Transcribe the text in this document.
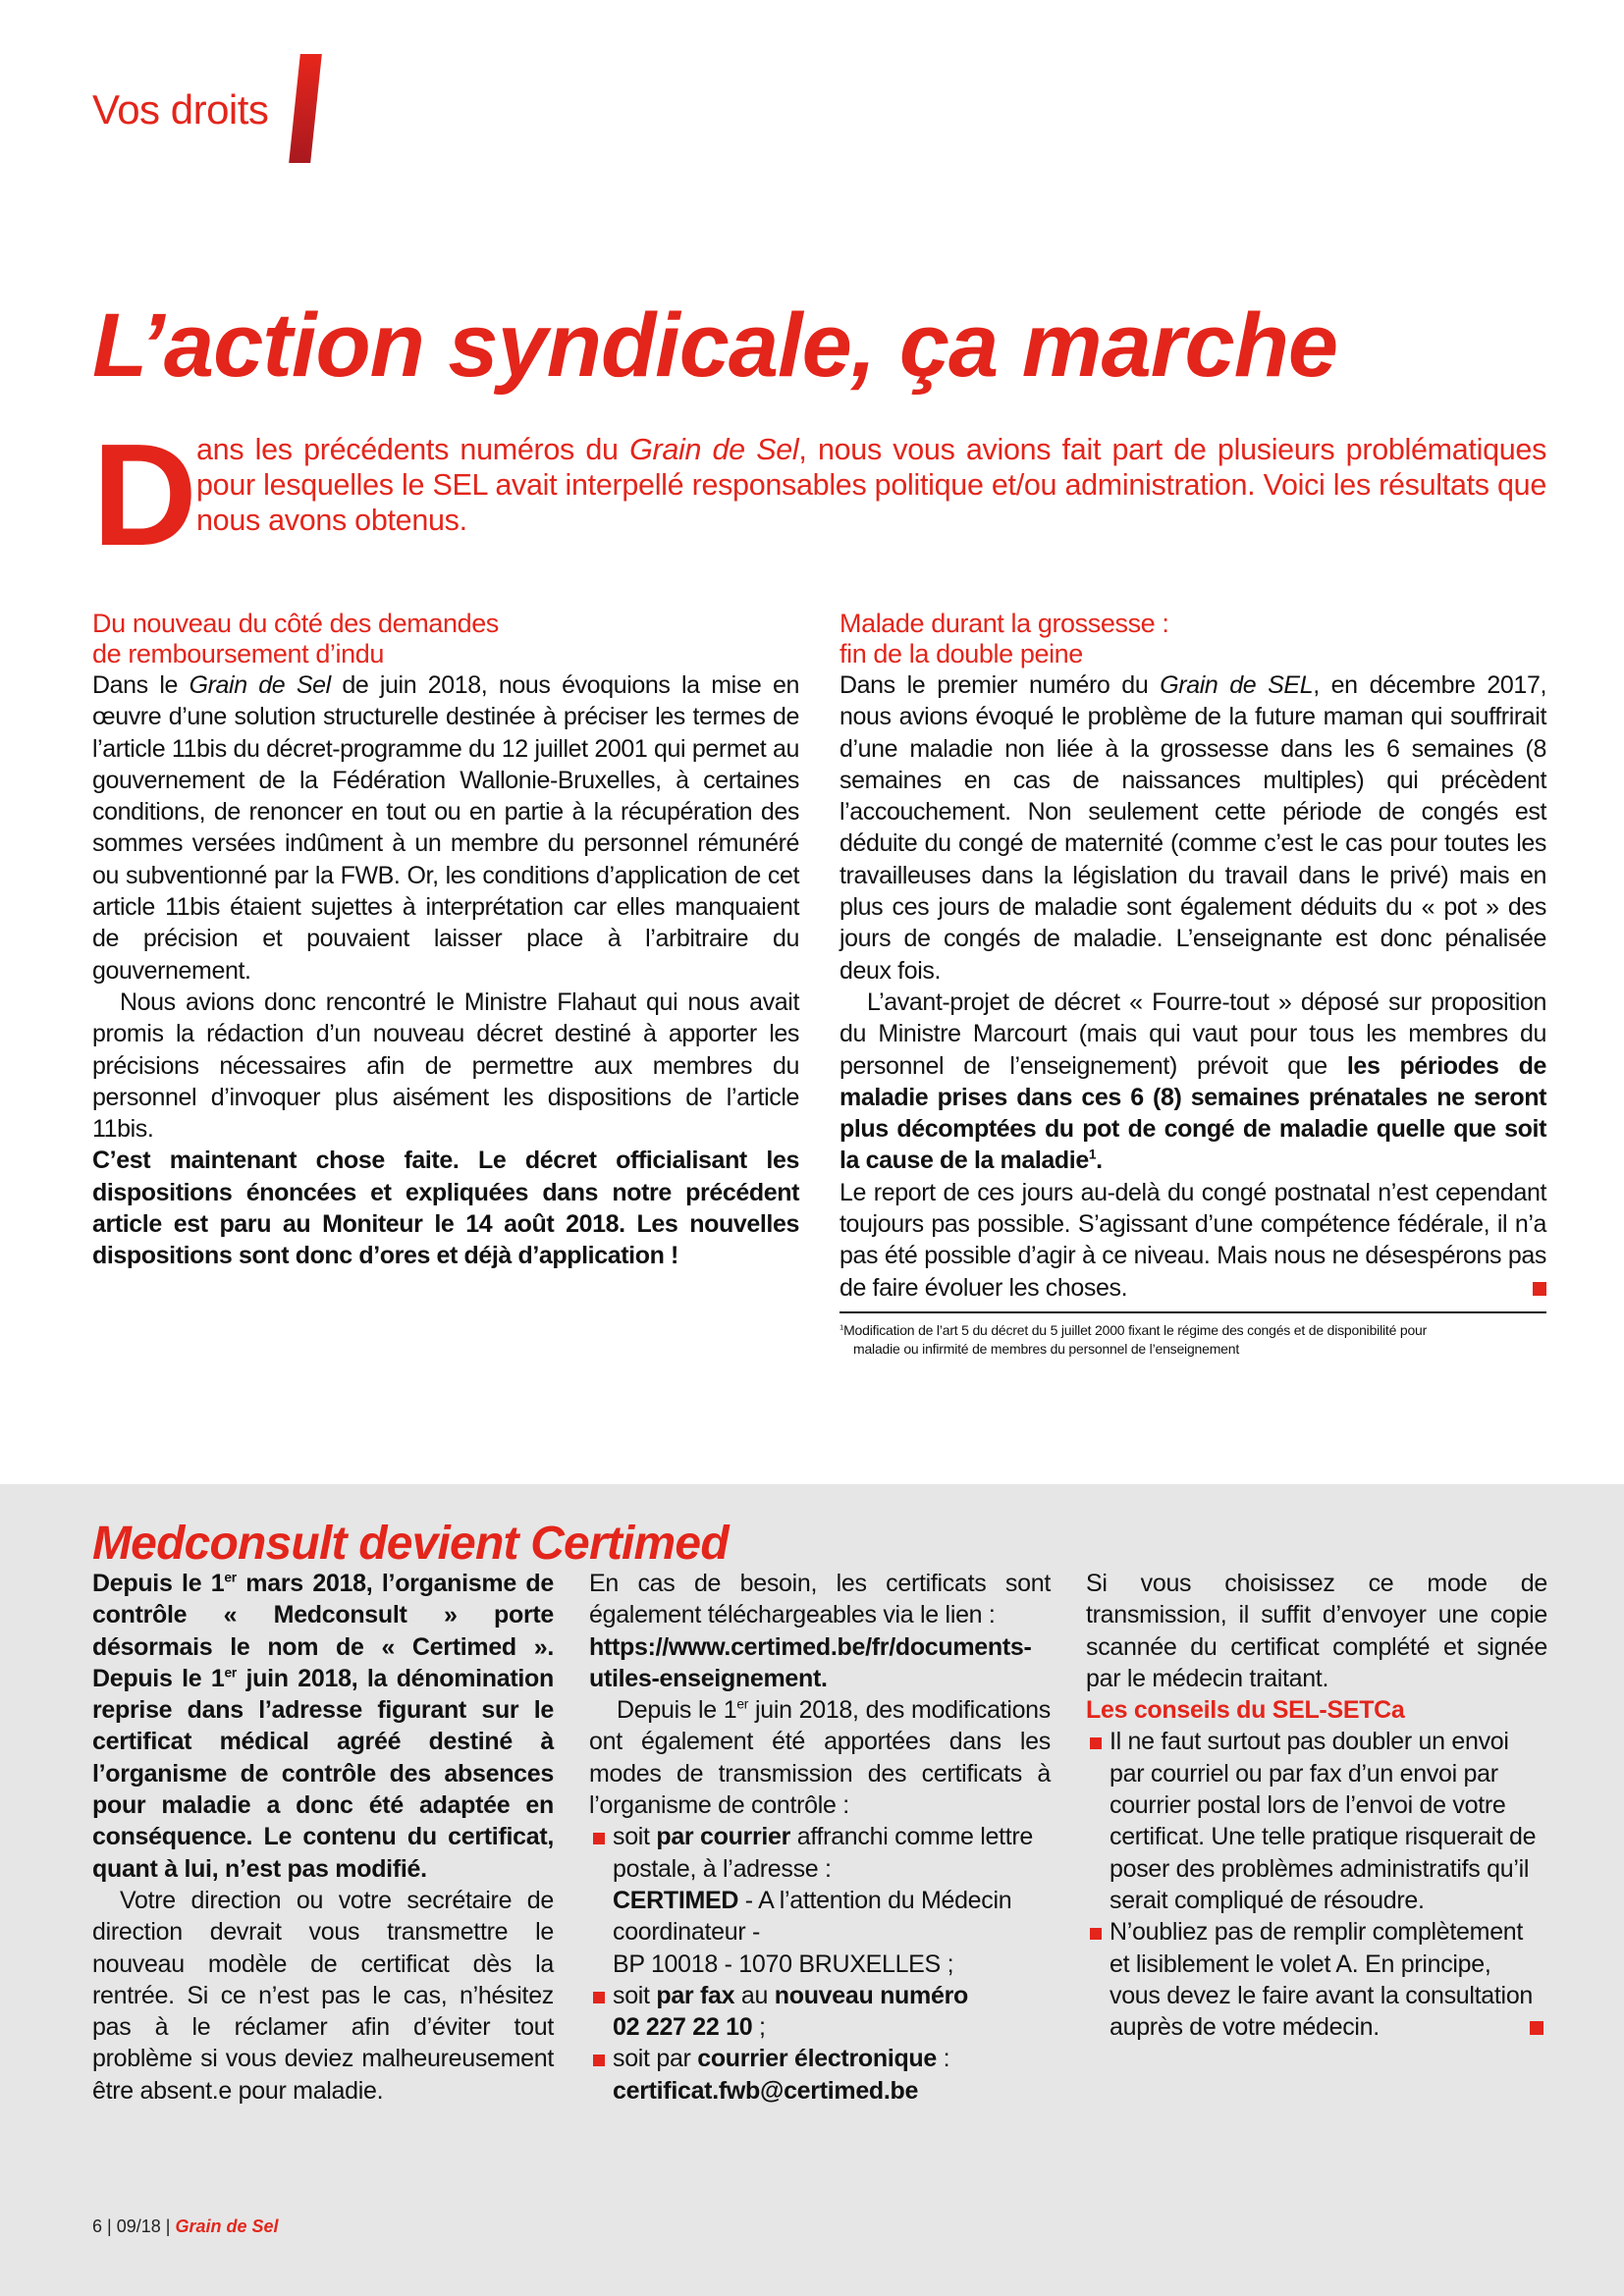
Vos droits
L’action syndicale, ça marche
D ans les précédents numéros du Grain de Sel, nous vous avions fait part de plusieurs problématiques pour lesquelles le SEL avait interpellé responsables politique et/ou administration. Voici les résultats que nous avons obtenus.
Du nouveau du côté des demandes
de remboursement d’indu

Dans le Grain de Sel de juin 2018, nous évoquions la mise en œuvre d’une solution structurelle destinée à préciser les termes de l’article 11bis du décret-programme du 12 juillet 2001 qui permet au gouvernement de la Fédération Wallonie-Bruxelles, à certaines conditions, de renoncer en tout ou en partie à la récupération des sommes versées indûment à un membre du personnel rémunéré ou subventionné par la FWB. Or, les conditions d’application de cet article 11bis étaient sujettes à interprétation car elles manquaient de précision et pouvaient laisser place à l’arbitraire du gouvernement.

Nous avions donc rencontré le Ministre Flahaut qui nous avait promis la rédaction d’un nouveau décret destiné à apporter les précisions nécessaires afin de permettre aux membres du personnel d’invoquer plus aisément les dispositions de l’article 11bis.

C’est maintenant chose faite. Le décret officialisant les dispositions énoncées et expliquées dans notre précédent article est paru au Moniteur le 14 août 2018. Les nouvelles dispositions sont donc d’ores et déjà d’application !

Malade durant la grossesse :
fin de la double peine

Dans le premier numéro du Grain de SEL, en décembre 2017, nous avions évoqué le problème de la future maman qui souffrirait d’une maladie non liée à la grossesse dans les 6 semaines (8 semaines en cas de naissances multiples) qui précèdent l’accouchement. Non seulement cette période de congés est déduite du congé de maternité (comme c’est le cas pour toutes les travailleuses dans la législation du travail dans le privé) mais en plus ces jours de maladie sont également déduits du « pot » des jours de congés de maladie. L’enseignante est donc pénalisée deux fois.

L’avant-projet de décret « Fourre-tout » déposé sur proposition du Ministre Marcourt (mais qui vaut pour tous les membres du personnel de l’enseignement) prévoit que les périodes de maladie prises dans ces 6 (8) semaines prénatales ne seront plus décomptées du pot de congé de maladie quelle que soit la cause de la maladie$^1$.

Le report de ces jours au-delà du congé postnatal n’est cependant toujours pas possible. S’agissant d’une compétence fédérale, il n’a pas été possible d’agir à ce niveau. Mais nous ne désespérons pas de faire évoluer les choses.

$^1$Modification de l’art 5 du décret du 5 juillet 2000 fixant le régime des congés et de disponibilité pour
maladie ou infirmité de membres du personnel de l’enseignement
Medconsult devient Certimed

Depuis le 1er mars 2018, l’organisme de contrôle « Medconsult » porte désormais le nom de « Certimed ». Depuis le 1er juin 2018, la dénomination reprise dans l’adresse figurant sur le certificat médical agréé destiné à l’organisme de contrôle des absences pour maladie a donc été adaptée en conséquence. Le contenu du certificat, quant à lui, n’est pas modifié.

Votre direction ou votre secrétaire de direction devrait vous transmettre le nouveau modèle de certificat dès la rentrée. Si ce n’est pas le cas, n’hésitez pas à le réclamer afin d’éviter tout problème si vous deviez malheureusement être absent.e pour maladie.

En cas de besoin, les certificats sont également téléchargeables via le lien :

https://www.certimed.be/fr/documents-utiles-enseignement.

Depuis le 1er juin 2018, des modifications ont également été apportées dans les modes de transmission des certificats à l’organisme de contrôle :

soit par courrier affranchi comme lettre postale, à l’adresse :
CERTIMED - A l’attention du Médecin coordinateur -
BP 10018 - 1070 BRUXELLES ;
soit par fax au nouveau numéro
02 227 22 10 ;
soit par courrier électronique :
certificat.fwb@certimed.be

Si vous choisissez ce mode de transmission, il suffit d’envoyer une copie scannée du certificat complété et signée par le médecin traitant.

Les conseils du SEL-SETCa
Il ne faut surtout pas doubler un envoi par courriel ou par fax d’un envoi par courrier postal lors de l’envoi de votre certificat. Une telle pratique risquerait de poser des problèmes administratifs qu’il serait compliqué de résoudre.
N’oubliez pas de remplir complètement et lisiblement le volet A. En principe, vous devez le faire avant la consultation auprès de votre médecin.
6 | 09/18 | Grain de Sel
